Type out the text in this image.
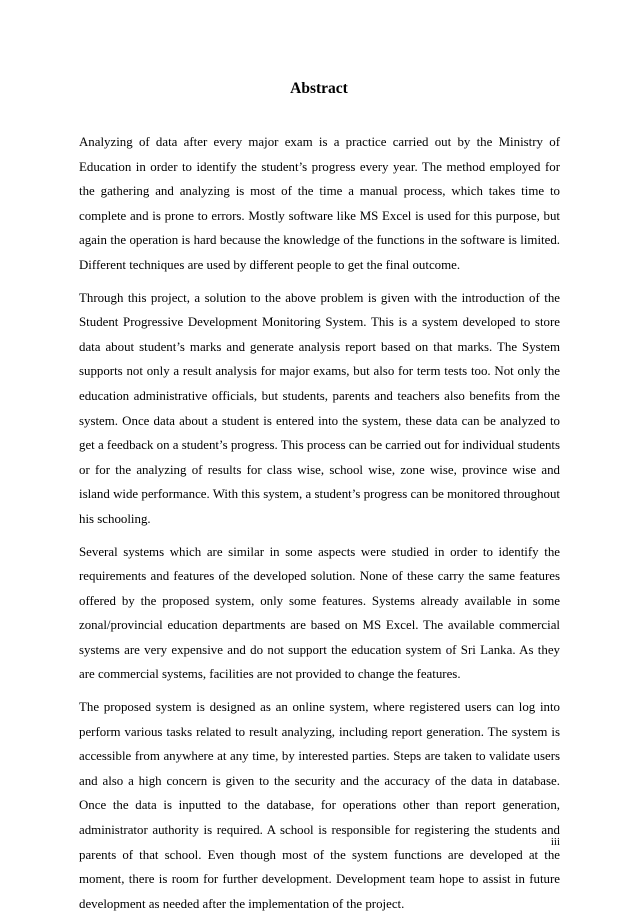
Abstract

Analyzing of data after every major exam is a practice carried out by the Ministry of Education in order to identify the student’s progress every year. The method employed for the gathering and analyzing is most of the time a manual process, which takes time to complete and is prone to errors. Mostly software like MS Excel is used for this purpose, but again the operation is hard because the knowledge of the functions in the software is limited. Different techniques are used by different people to get the final outcome.

Through this project, a solution to the above problem is given with the introduction of the Student Progressive Development Monitoring System. This is a system developed to store data about student’s marks and generate analysis report based on that marks. The System supports not only a result analysis for major exams, but also for term tests too. Not only the education administrative officials, but students, parents and teachers also benefits from the system. Once data about a student is entered into the system, these data can be analyzed to get a feedback on a student’s progress. This process can be carried out for individual students or for the analyzing of results for class wise, school wise, zone wise, province wise and island wide performance. With this system, a student’s progress can be monitored throughout his schooling.

Several systems which are similar in some aspects were studied in order to identify the requirements and features of the developed solution. None of these carry the same features offered by the proposed system, only some features. Systems already available in some zonal/provincial education departments are based on MS Excel. The available commercial systems are very expensive and do not support the education system of Sri Lanka. As they are commercial systems, facilities are not provided to change the features.

The proposed system is designed as an online system, where registered users can log into perform various tasks related to result analyzing, including report generation. The system is accessible from anywhere at any time, by interested parties. Steps are taken to validate users and also a high concern is given to the security and the accuracy of the data in database. Once the data is inputted to the database, for operations other than report generation, administrator authority is required. A school is responsible for registering the students and parents of that school. Even though most of the system functions are developed at the moment, there is room for further development. Development team hope to assist in future development as needed after the implementation of the project.

iii
